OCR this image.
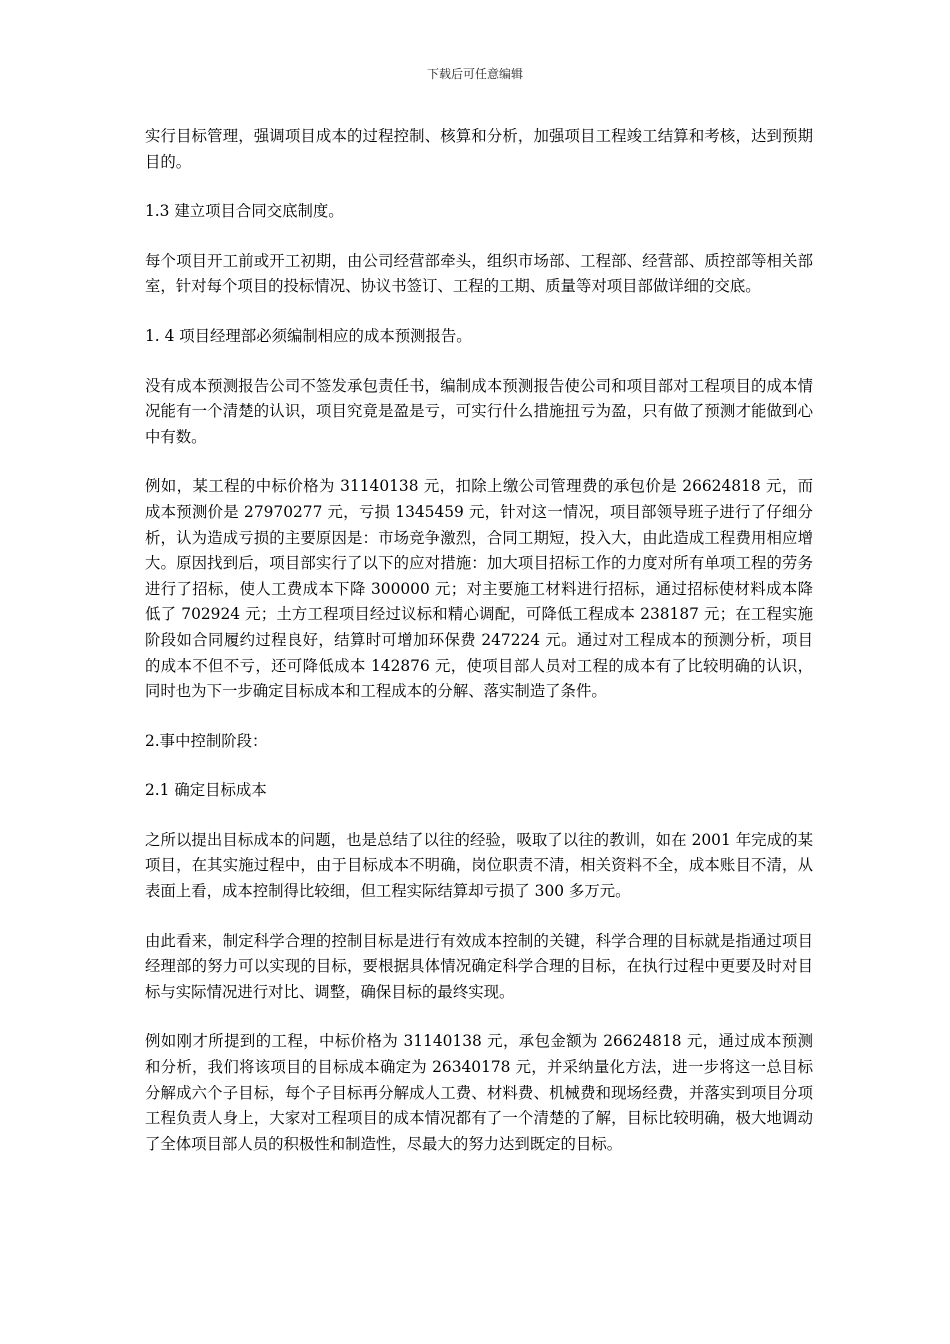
下载后可任意编辑

实行目标管理，强调项目成本的过程控制、核算和分析，加强项目工程竣工结算和考核，达到预期目的。

1.3 建立项目合同交底制度。

每个项目开工前或开工初期，由公司经营部牵头，组织市场部、工程部、经营部、质控部等相关部室，针对每个项目的投标情况、协议书签订、工程的工期、质量等对项目部做详细的交底。

1. 4 项目经理部必须编制相应的成本预测报告。

没有成本预测报告公司不签发承包责任书，编制成本预测报告使公司和项目部对工程项目的成本情况能有一个清楚的认识，项目究竟是盈是亏，可实行什么措施扭亏为盈，只有做了预测才能做到心中有数。

例如，某工程的中标价格为 31140138 元，扣除上缴公司管理费的承包价是 26624818 元，而成本预测价是 27970277 元，亏损 1345459 元，针对这一情况，项目部领导班子进行了仔细分析，认为造成亏损的主要原因是：市场竞争激烈，合同工期短，投入大，由此造成工程费用相应增大。原因找到后，项目部实行了以下的应对措施：加大项目招标工作的力度对所有单项工程的劳务进行了招标，使人工费成本下降 300000 元；对主要施工材料进行招标，通过招标使材料成本降低了 702924 元；土方工程项目经过议标和精心调配，可降低工程成本 238187 元；在工程实施阶段如合同履约过程良好，结算时可增加环保费 247224 元。通过对工程成本的预测分析，项目的成本不但不亏，还可降低成本 142876 元，使项目部人员对工程的成本有了比较明确的认识，同时也为下一步确定目标成本和工程成本的分解、落实制造了条件。

2.事中控制阶段：

2.1 确定目标成本

之所以提出目标成本的问题，也是总结了以往的经验，吸取了以往的教训，如在 2001 年完成的某项目，在其实施过程中，由于目标成本不明确，岗位职责不清，相关资料不全，成本账目不清，从表面上看，成本控制得比较细，但工程实际结算却亏损了 300 多万元。

由此看来，制定科学合理的控制目标是进行有效成本控制的关键，科学合理的目标就是指通过项目经理部的努力可以实现的目标，要根据具体情况确定科学合理的目标，在执行过程中更要及时对目标与实际情况进行对比、调整，确保目标的最终实现。

例如刚才所提到的工程，中标价格为 31140138 元，承包金额为 26624818 元，通过成本预测和分析，我们将该项目的目标成本确定为 26340178 元，并采纳量化方法，进一步将这一总目标分解成六个子目标，每个子目标再分解成人工费、材料费、机械费和现场经费，并落实到项目分项工程负责人身上，大家对工程项目的成本情况都有了一个清楚的了解，目标比较明确，极大地调动了全体项目部人员的积极性和制造性，尽最大的努力达到既定的目标。
